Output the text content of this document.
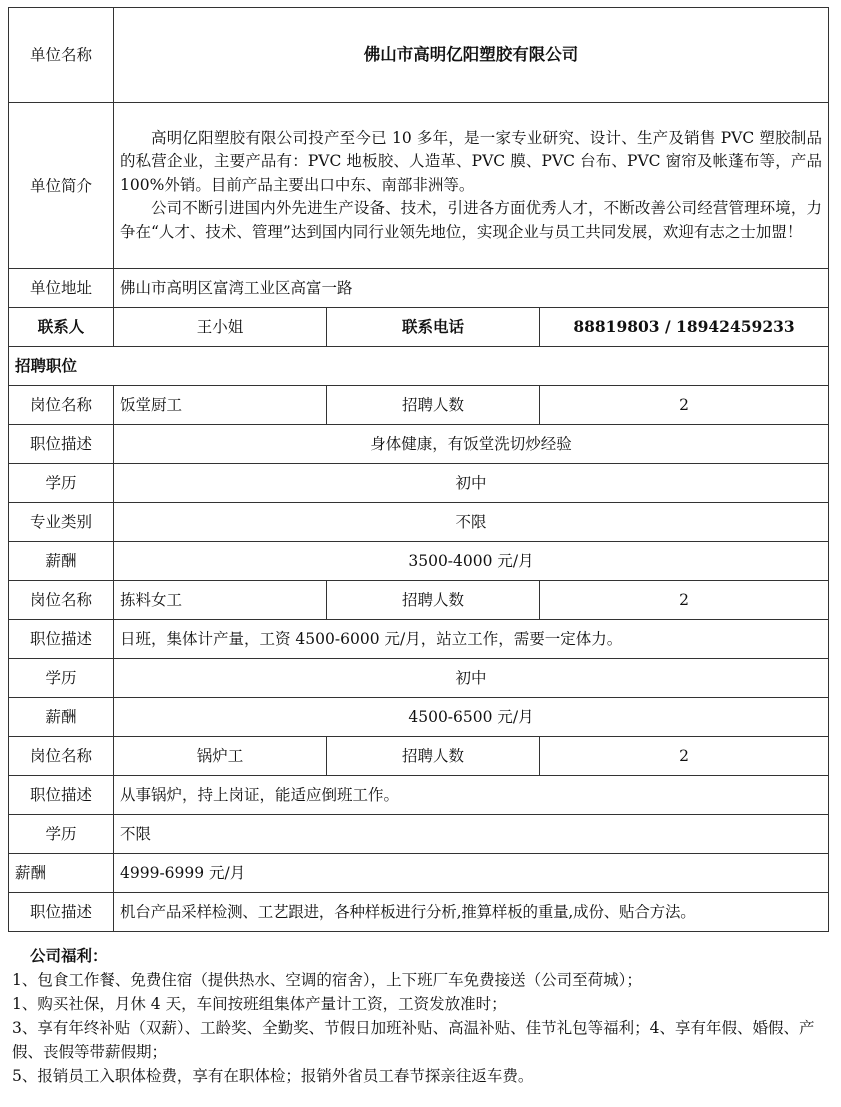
单位名称	佛山市高明亿阳塑胶有限公司		
单位简介	高明亿阳塑胶有限公司投产至今已 10 多年，是一家专业研究、设计、生产及销售 PVC 塑胶制品的私营企业，主要产品有：PVC 地板胶、人造革、PVC 膜、PVC 台布、PVC 窗帘及帐蓬布等，产品 100%外销。目前产品主要出口中东、南部非洲等。

公司不断引进国内外先进生产设备、技术，引进各方面优秀人才，不断改善公司经营管理环境，力争在“人才、技术、管理”达到国内同行业领先地位，实现企业与员工共同发展，欢迎有志之士加盟！		

单位地址	佛山市高明区富湾工业区高富一路		
联系人	王小姐	联系电话	88819803 / 18942459233
招聘职位			
岗位名称	饭堂厨工	招聘人数	2
职位描述	身体健康，有饭堂洗切炒经验		
学历	初中		
专业类别	不限		
薪酬	3500-4000 元/月		
岗位名称	拣料女工	招聘人数	2
职位描述	日班，集体计产量，工资 4500-6000 元/月，站立工作，需要一定体力。		
学历	初中		
薪酬	4500-6500 元/月		
岗位名称	锅炉工	招聘人数	2
职位描述	从事锅炉，持上岗证，能适应倒班工作。		
学历	不限		
薪酬	4999-6999 元/月		
职位描述	机台产品采样检测、工艺跟进，各种样板进行分析,推算样板的重量,成份、贴合方法。		
公司福利：
1、包食工作餐、免费住宿（提供热水、空调的宿舍），上下班厂车免费接送（公司至荷城）；
1、购买社保，月休 4 天，车间按班组集体产量计工资，工资发放准时；
3、享有年终补贴（双薪）、工龄奖、全勤奖、节假日加班补贴、高温补贴、佳节礼包等福利；4、享有年假、婚假、产假、丧假等带薪假期；
5、报销员工入职体检费，享有在职体检；报销外省员工春节探亲往返车费。
